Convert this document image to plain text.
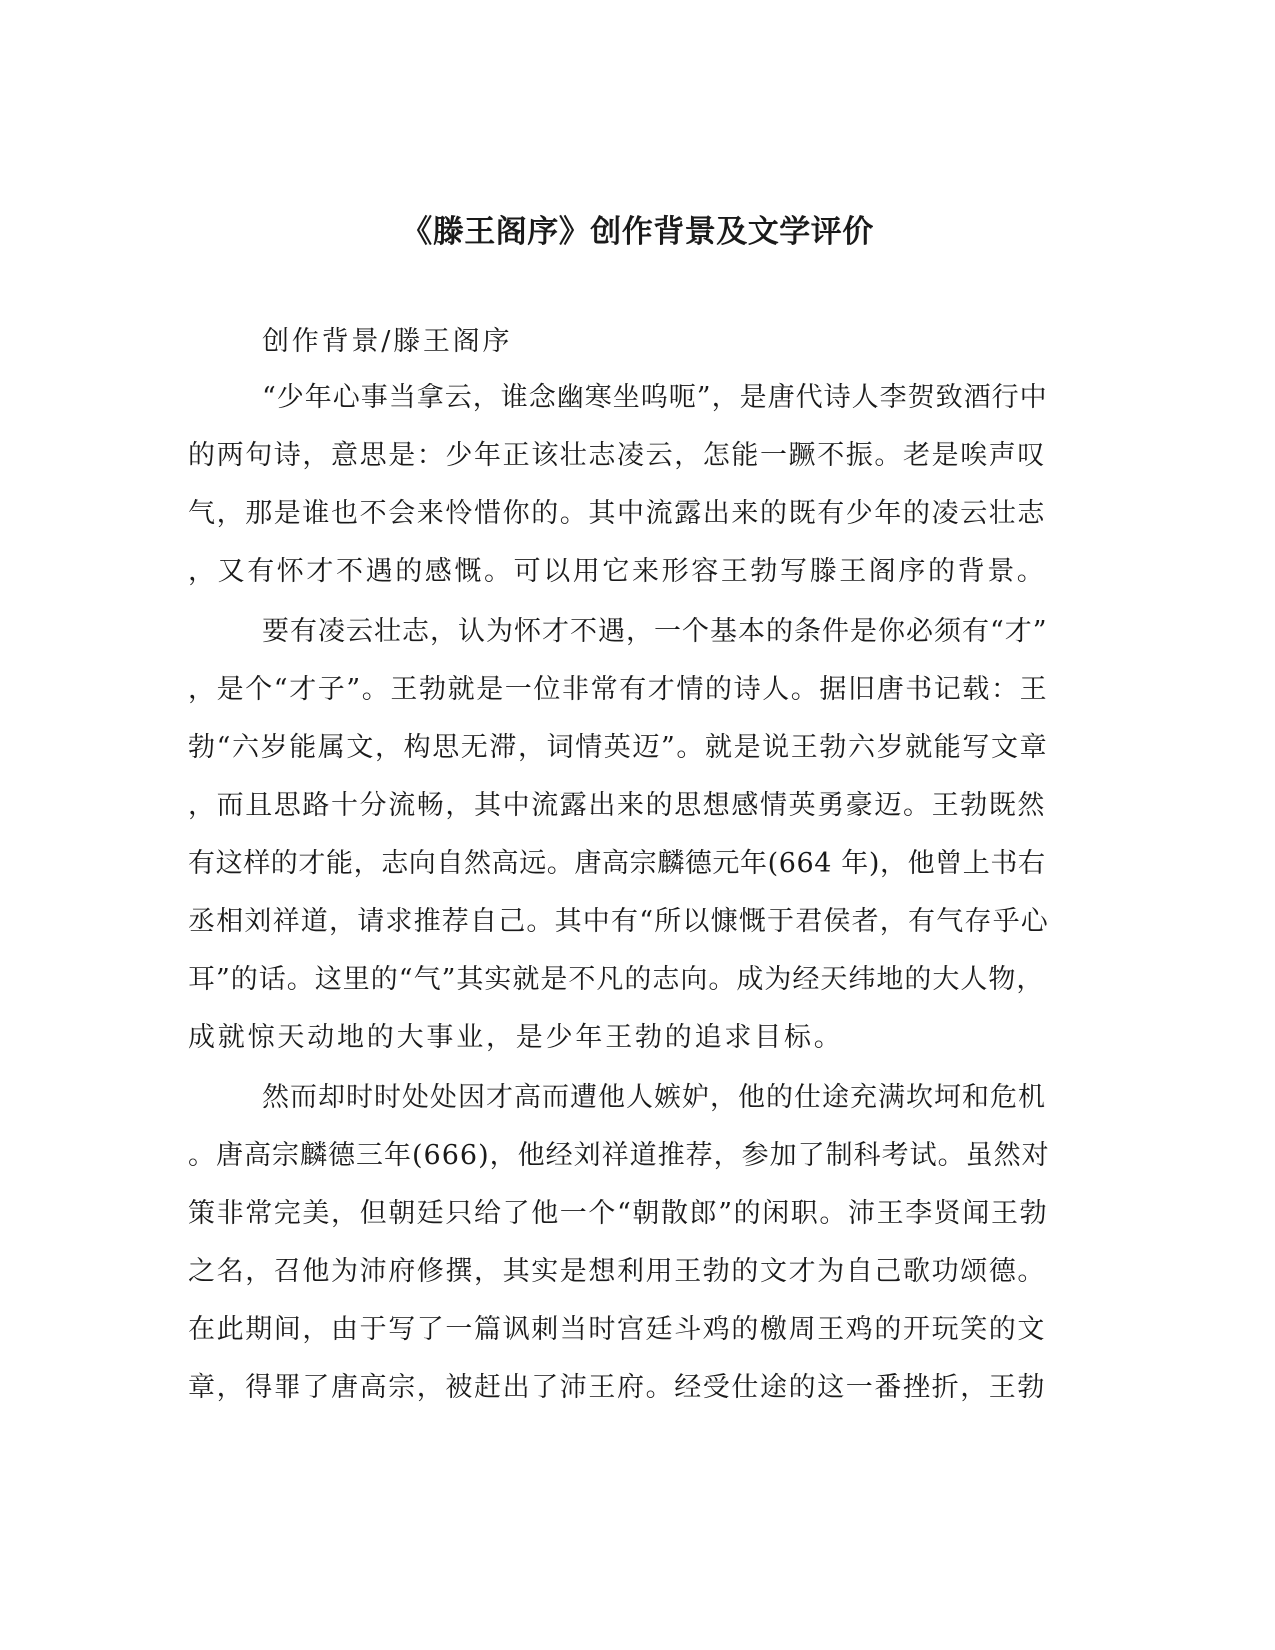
《滕王阁序》创作背景及文学评价

创作背景/滕王阁序

“少年心事当拿云，谁念幽寒坐呜呃”，是唐代诗人李贺致酒行中

的两句诗，意思是：少年正该壮志凌云，怎能一蹶不振。老是唉声叹

气，那是谁也不会来怜惜你的。其中流露出来的既有少年的凌云壮志

，又有怀才不遇的感慨。可以用它来形容王勃写滕王阁序的背景。

要有凌云壮志，认为怀才不遇，一个基本的条件是你必须有“才”

，是个“才子”。王勃就是一位非常有才情的诗人。据旧唐书记载：王

勃“六岁能属文，构思无滞，词情英迈”。就是说王勃六岁就能写文章

，而且思路十分流畅，其中流露出来的思想感情英勇豪迈。王勃既然

有这样的才能，志向自然高远。唐高宗麟德元年(664 年)，他曾上书右

丞相刘祥道，请求推荐自己。其中有“所以慷慨于君侯者，有气存乎心

耳”的话。这里的“气”其实就是不凡的志向。成为经天纬地的大人物，

成就惊天动地的大事业，是少年王勃的追求目标。

然而却时时处处因才高而遭他人嫉妒，他的仕途充满坎坷和危机

。唐高宗麟德三年(666)，他经刘祥道推荐，参加了制科考试。虽然对

策非常完美，但朝廷只给了他一个“朝散郎”的闲职。沛王李贤闻王勃

之名，召他为沛府修撰，其实是想利用王勃的文才为自己歌功颂德。

在此期间，由于写了一篇讽刺当时宫廷斗鸡的檄周王鸡的开玩笑的文

章，得罪了唐高宗，被赶出了沛王府。经受仕途的这一番挫折，王勃
